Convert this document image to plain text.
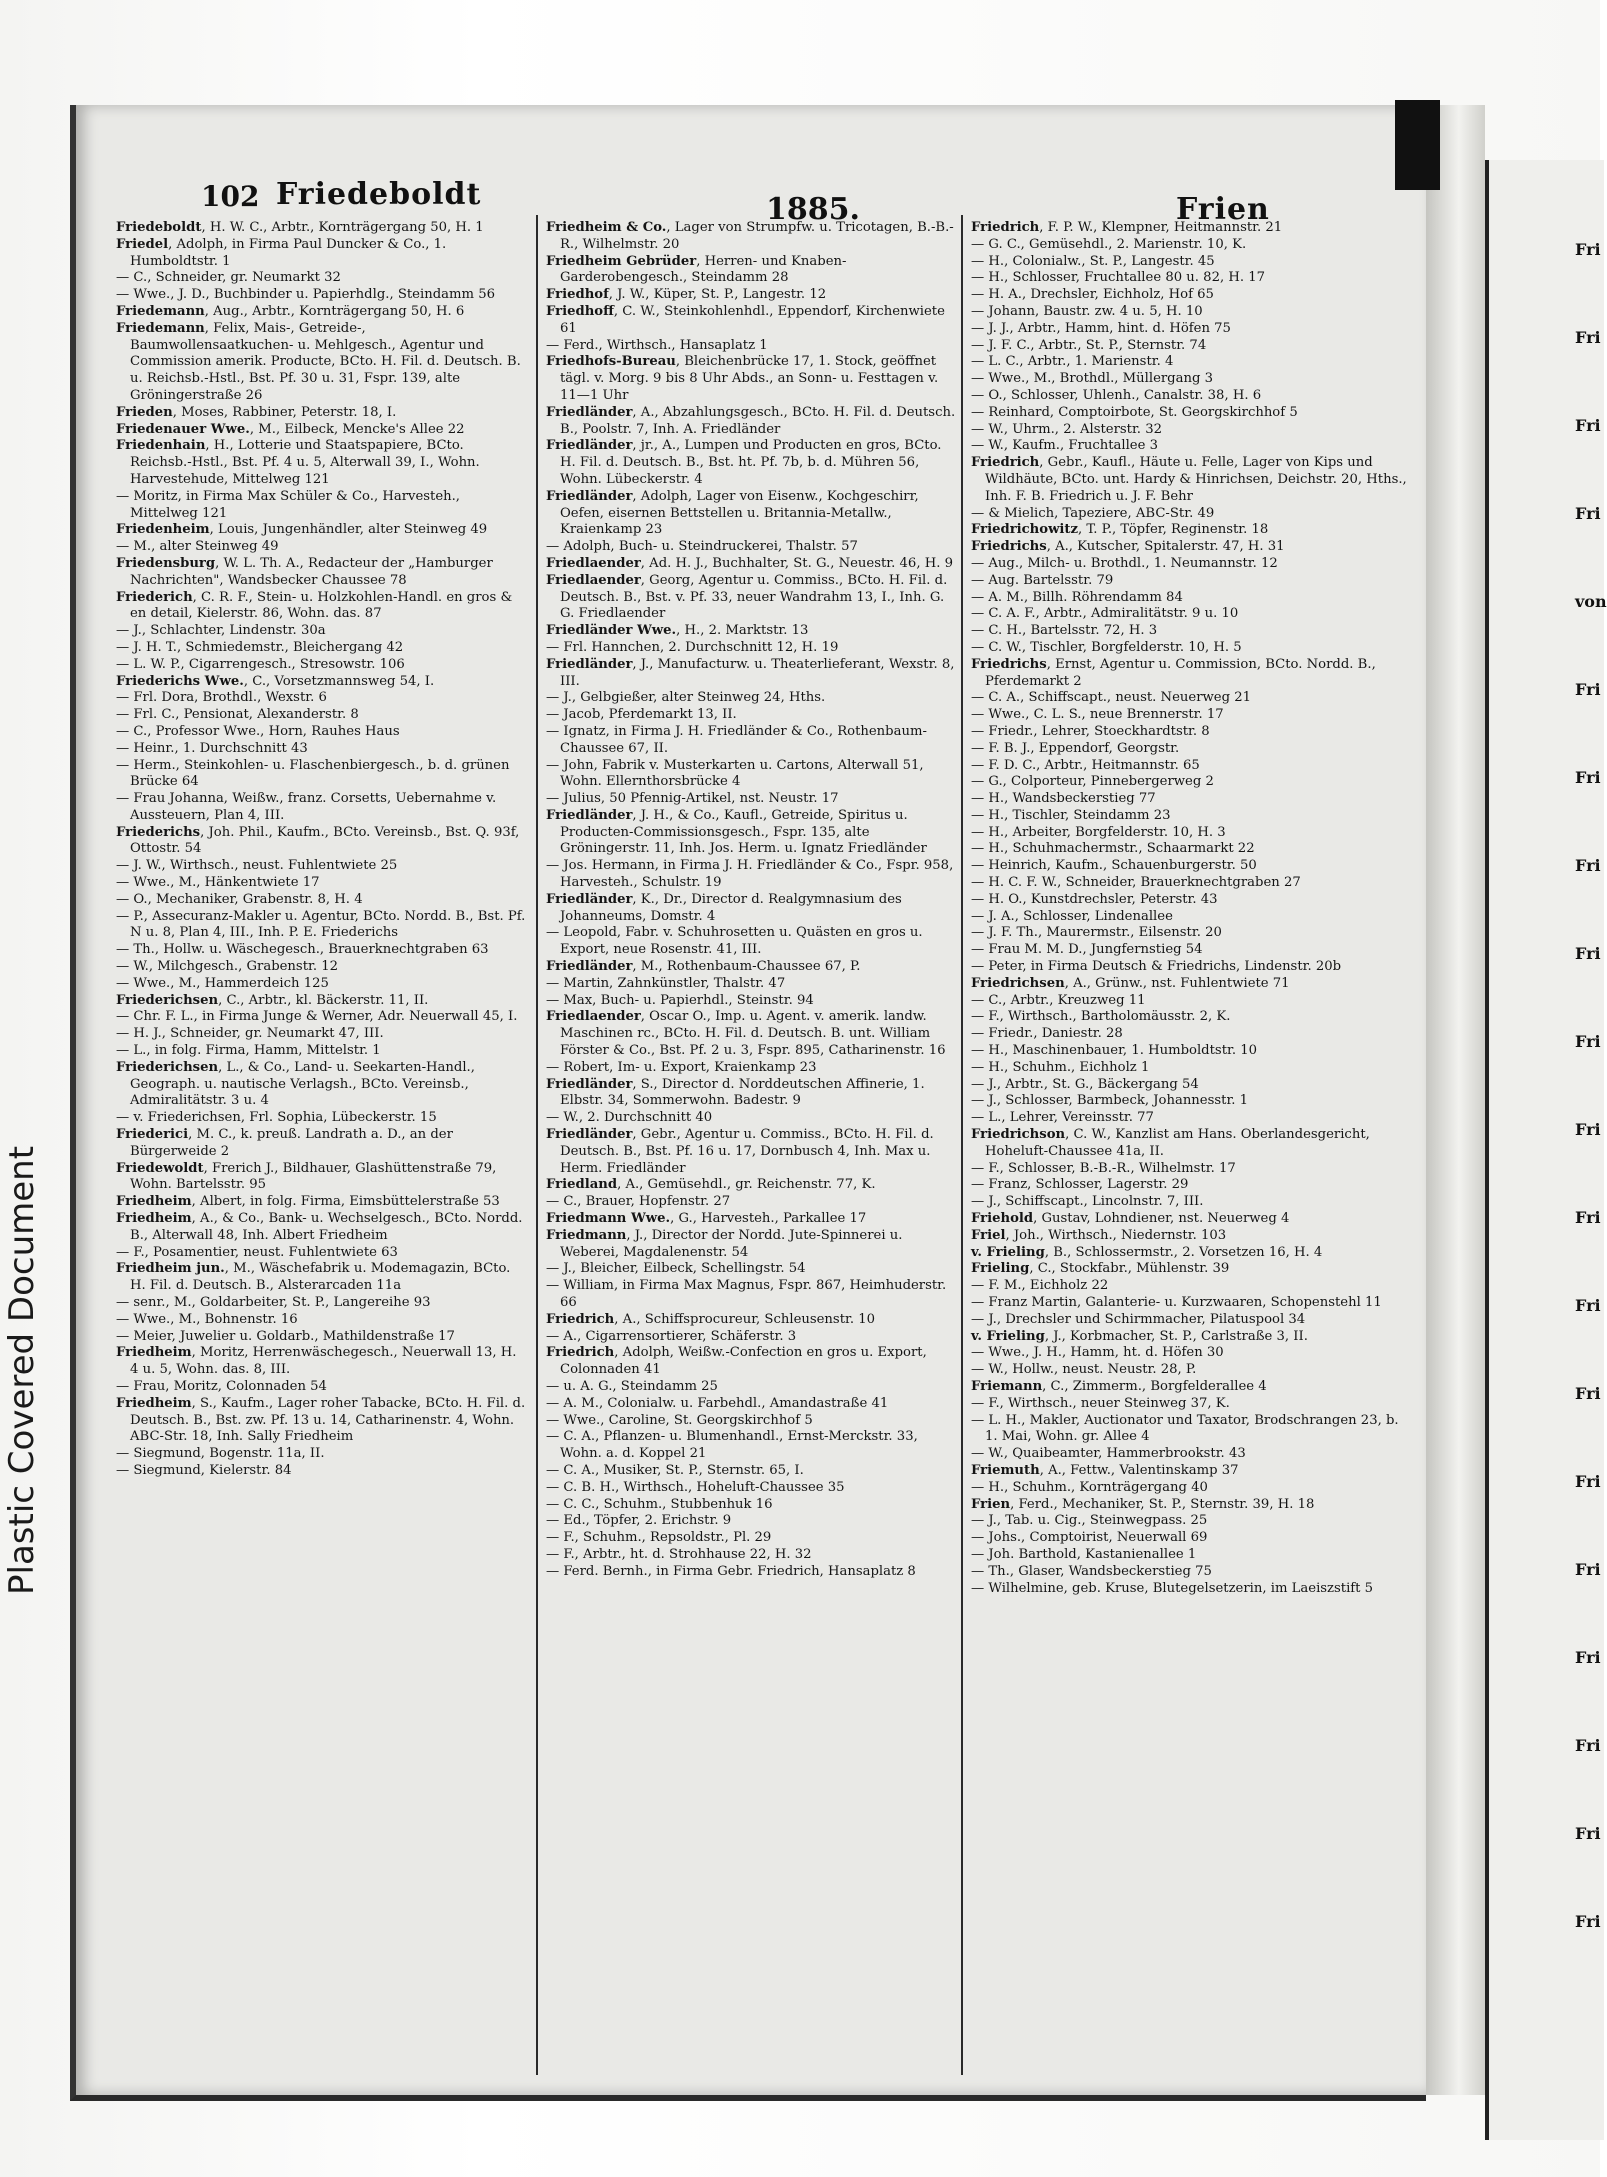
Plastic Covered Document
Fri
Fri
Fri
Fri
von
Fri
Fri
Fri
Fri
Fri
Fri
Fri
Fri
Fri
Fri
Fri
Fri
Fri
Fri
Fri
102 Friedeboldt	1885.	Frien

Friedeboldt, H. W. C., Arbtr., Kornträgergang 50, H. 1

Friedel, Adolph, in Firma Paul Duncker & Co., 1. Humboldtstr. 1

— C., Schneider, gr. Neumarkt 32

— Wwe., J. D., Buchbinder u. Papierhdlg., Steindamm 56

Friedemann, Aug., Arbtr., Kornträgergang 50, H. 6

Friedemann, Felix, Mais-, Getreide-, Baumwollensaatkuchen- u. Mehlgesch., Agentur und Commission amerik. Producte, BCto. H. Fil. d. Deutsch. B. u. Reichsb.-Hstl., Bst. Pf. 30 u. 31, Fspr. 139, alte Gröningerstraße 26

Frieden, Moses, Rabbiner, Peterstr. 18, I.

Friedenauer Wwe., M., Eilbeck, Mencke's Allee 22

Friedenhain, H., Lotterie und Staatspapiere, BCto. Reichsb.-Hstl., Bst. Pf. 4 u. 5, Alterwall 39, I., Wohn. Harvestehude, Mittelweg 121

— Moritz, in Firma Max Schüler & Co., Harvesteh., Mittelweg 121

Friedenheim, Louis, Jungenhändler, alter Steinweg 49

— M., alter Steinweg 49

Friedensburg, W. L. Th. A., Redacteur der „Hamburger Nachrichten", Wandsbecker Chaussee 78

Friederich, C. R. F., Stein- u. Holzkohlen-Handl. en gros & en detail, Kielerstr. 86, Wohn. das. 87

— J., Schlachter, Lindenstr. 30a

— J. H. T., Schmiedemstr., Bleichergang 42

— L. W. P., Cigarrengesch., Stresowstr. 106

Friederichs Wwe., C., Vorsetzmannsweg 54, I.

— Frl. Dora, Brothdl., Wexstr. 6

— Frl. C., Pensionat, Alexanderstr. 8

— C., Professor Wwe., Horn, Rauhes Haus

— Heinr., 1. Durchschnitt 43

— Herm., Steinkohlen- u. Flaschenbiergesch., b. d. grünen Brücke 64

— Frau Johanna, Weißw., franz. Corsetts, Uebernahme v. Aussteuern, Plan 4, III.

Friederichs, Joh. Phil., Kaufm., BCto. Vereinsb., Bst. Q. 93f, Ottostr. 54

— J. W., Wirthsch., neust. Fuhlentwiete 25

— Wwe., M., Hänkentwiete 17

— O., Mechaniker, Grabenstr. 8, H. 4

— P., Assecuranz-Makler u. Agentur, BCto. Nordd. B., Bst. Pf. N u. 8, Plan 4, III., Inh. P. E. Friederichs

— Th., Hollw. u. Wäschegesch., Brauerknechtgraben 63

— W., Milchgesch., Grabenstr. 12

— Wwe., M., Hammerdeich 125

Friederichsen, C., Arbtr., kl. Bäckerstr. 11, II.

— Chr. F. L., in Firma Junge & Werner, Adr. Neuerwall 45, I.

— H. J., Schneider, gr. Neumarkt 47, III.

— L., in folg. Firma, Hamm, Mittelstr. 1

Friederichsen, L., & Co., Land- u. Seekarten-Handl., Geograph. u. nautische Verlagsh., BCto. Vereinsb., Admiralitätstr. 3 u. 4

— v. Friederichsen, Frl. Sophia, Lübeckerstr. 15

Friederici, M. C., k. preuß. Landrath a. D., an der Bürgerweide 2

Friedewoldt, Frerich J., Bildhauer, Glashüttenstraße 79, Wohn. Bartelsstr. 95

Friedheim, Albert, in folg. Firma, Eimsbüttelerstraße 53

Friedheim, A., & Co., Bank- u. Wechselgesch., BCto. Nordd. B., Alterwall 48, Inh. Albert Friedheim

— F., Posamentier, neust. Fuhlentwiete 63

Friedheim jun., M., Wäschefabrik u. Modemagazin, BCto. H. Fil. d. Deutsch. B., Alsterarcaden 11a

— senr., M., Goldarbeiter, St. P., Langereihe 93

— Wwe., M., Bohnenstr. 16

— Meier, Juwelier u. Goldarb., Mathildenstraße 17

Friedheim, Moritz, Herrenwäschegesch., Neuerwall 13, H. 4 u. 5, Wohn. das. 8, III.

— Frau, Moritz, Colonnaden 54

Friedheim, S., Kaufm., Lager roher Tabacke, BCto. H. Fil. d. Deutsch. B., Bst. zw. Pf. 13 u. 14, Catharinenstr. 4, Wohn. ABC-Str. 18, Inh. Sally Friedheim

— Siegmund, Bogenstr. 11a, II.

— Siegmund, Kielerstr. 84

Friedheim & Co., Lager von Strumpfw. u. Tricotagen, B.-B.-R., Wilhelmstr. 20

Friedheim Gebrüder, Herren- und Knaben-Garderobengesch., Steindamm 28

Friedhof, J. W., Küper, St. P., Langestr. 12

Friedhoff, C. W., Steinkohlenhdl., Eppendorf, Kirchenwiete 61

— Ferd., Wirthsch., Hansaplatz 1

Friedhofs-Bureau, Bleichenbrücke 17, 1. Stock, geöffnet tägl. v. Morg. 9 bis 8 Uhr Abds., an Sonn- u. Festtagen v. 11—1 Uhr

Friedländer, A., Abzahlungsgesch., BCto. H. Fil. d. Deutsch. B., Poolstr. 7, Inh. A. Friedländer

Friedländer, jr., A., Lumpen und Producten en gros, BCto. H. Fil. d. Deutsch. B., Bst. ht. Pf. 7b, b. d. Mühren 56, Wohn. Lübeckerstr. 4

Friedländer, Adolph, Lager von Eisenw., Kochgeschirr, Oefen, eisernen Bettstellen u. Britannia-Metallw., Kraienkamp 23

— Adolph, Buch- u. Steindruckerei, Thalstr. 57

Friedlaender, Ad. H. J., Buchhalter, St. G., Neuestr. 46, H. 9

Friedlaender, Georg, Agentur u. Commiss., BCto. H. Fil. d. Deutsch. B., Bst. v. Pf. 33, neuer Wandrahm 13, I., Inh. G. G. Friedlaender

Friedländer Wwe., H., 2. Marktstr. 13

— Frl. Hannchen, 2. Durchschnitt 12, H. 19

Friedländer, J., Manufacturw. u. Theaterlieferant, Wexstr. 8, III.

— J., Gelbgießer, alter Steinweg 24, Hths.

— Jacob, Pferdemarkt 13, II.

— Ignatz, in Firma J. H. Friedländer & Co., Rothenbaum-Chaussee 67, II.

— John, Fabrik v. Musterkarten u. Cartons, Alterwall 51, Wohn. Ellernthorsbrücke 4

— Julius, 50 Pfennig-Artikel, nst. Neustr. 17

Friedländer, J. H., & Co., Kaufl., Getreide, Spiritus u. Producten-Commissionsgesch., Fspr. 135, alte Gröningerstr. 11, Inh. Jos. Herm. u. Ignatz Friedländer

— Jos. Hermann, in Firma J. H. Friedländer & Co., Fspr. 958, Harvesteh., Schulstr. 19

Friedländer, K., Dr., Director d. Realgymnasium des Johanneums, Domstr. 4

— Leopold, Fabr. v. Schuhrosetten u. Quästen en gros u. Export, neue Rosenstr. 41, III.

Friedländer, M., Rothenbaum-Chaussee 67, P.

— Martin, Zahnkünstler, Thalstr. 47

— Max, Buch- u. Papierhdl., Steinstr. 94

Friedlaender, Oscar O., Imp. u. Agent. v. amerik. landw. Maschinen rc., BCto. H. Fil. d. Deutsch. B. unt. William Förster & Co., Bst. Pf. 2 u. 3, Fspr. 895, Catharinenstr. 16

— Robert, Im- u. Export, Kraienkamp 23

Friedländer, S., Director d. Norddeutschen Affinerie, 1. Elbstr. 34, Sommerwohn. Badestr. 9

— W., 2. Durchschnitt 40

Friedländer, Gebr., Agentur u. Commiss., BCto. H. Fil. d. Deutsch. B., Bst. Pf. 16 u. 17, Dornbusch 4, Inh. Max u. Herm. Friedländer

Friedland, A., Gemüsehdl., gr. Reichenstr. 77, K.

— C., Brauer, Hopfenstr. 27

Friedmann Wwe., G., Harvesteh., Parkallee 17

Friedmann, J., Director der Nordd. Jute-Spinnerei u. Weberei, Magdalenenstr. 54

— J., Bleicher, Eilbeck, Schellingstr. 54

— William, in Firma Max Magnus, Fspr. 867, Heimhuderstr. 66

Friedrich, A., Schiffsprocureur, Schleusenstr. 10

— A., Cigarrensortierer, Schäferstr. 3

Friedrich, Adolph, Weißw.-Confection en gros u. Export, Colonnaden 41

— u. A. G., Steindamm 25

— A. M., Colonialw. u. Farbehdl., Amandastraße 41

— Wwe., Caroline, St. Georgskirchhof 5

— C. A., Pflanzen- u. Blumenhandl., Ernst-Merckstr. 33, Wohn. a. d. Koppel 21

— C. A., Musiker, St. P., Sternstr. 65, I.

— C. B. H., Wirthsch., Hoheluft-Chaussee 35

— C. C., Schuhm., Stubbenhuk 16

— Ed., Töpfer, 2. Erichstr. 9

— F., Schuhm., Repsoldstr., Pl. 29

— F., Arbtr., ht. d. Strohhause 22, H. 32

— Ferd. Bernh., in Firma Gebr. Friedrich, Hansaplatz 8

Friedrich, F. P. W., Klempner, Heitmannstr. 21

— G. C., Gemüsehdl., 2. Marienstr. 10, K.

— H., Colonialw., St. P., Langestr. 45

— H., Schlosser, Fruchtallee 80 u. 82, H. 17

— H. A., Drechsler, Eichholz, Hof 65

— Johann, Baustr. zw. 4 u. 5, H. 10

— J. J., Arbtr., Hamm, hint. d. Höfen 75

— J. F. C., Arbtr., St. P., Sternstr. 74

— L. C., Arbtr., 1. Marienstr. 4

— Wwe., M., Brothdl., Müllergang 3

— O., Schlosser, Uhlenh., Canalstr. 38, H. 6

— Reinhard, Comptoirbote, St. Georgskirchhof 5

— W., Uhrm., 2. Alsterstr. 32

— W., Kaufm., Fruchtallee 3

Friedrich, Gebr., Kaufl., Häute u. Felle, Lager von Kips und Wildhäute, BCto. unt. Hardy & Hinrichsen, Deichstr. 20, Hths., Inh. F. B. Friedrich u. J. F. Behr

— & Mielich, Tapeziere, ABC-Str. 49

Friedrichowitz, T. P., Töpfer, Reginenstr. 18

Friedrichs, A., Kutscher, Spitalerstr. 47, H. 31

— Aug., Milch- u. Brothdl., 1. Neumannstr. 12

— Aug. Bartelsstr. 79

— A. M., Billh. Röhrendamm 84

— C. A. F., Arbtr., Admiralitätstr. 9 u. 10

— C. H., Bartelsstr. 72, H. 3

— C. W., Tischler, Borgfelderstr. 10, H. 5

Friedrichs, Ernst, Agentur u. Commission, BCto. Nordd. B., Pferdemarkt 2

— C. A., Schiffscapt., neust. Neuerweg 21

— Wwe., C. L. S., neue Brennerstr. 17

— Friedr., Lehrer, Stoeckhardtstr. 8

— F. B. J., Eppendorf, Georgstr.

— F. D. C., Arbtr., Heitmannstr. 65

— G., Colporteur, Pinnebergerweg 2

— H., Wandsbeckerstieg 77

— H., Tischler, Steindamm 23

— H., Arbeiter, Borgfelderstr. 10, H. 3

— H., Schuhmachermstr., Schaarmarkt 22

— Heinrich, Kaufm., Schauenburgerstr. 50

— H. C. F. W., Schneider, Brauerknechtgraben 27

— H. O., Kunstdrechsler, Peterstr. 43

— J. A., Schlosser, Lindenallee

— J. F. Th., Maurermstr., Eilsenstr. 20

— Frau M. M. D., Jungfernstieg 54

— Peter, in Firma Deutsch & Friedrichs, Lindenstr. 20b

Friedrichsen, A., Grünw., nst. Fuhlentwiete 71

— C., Arbtr., Kreuzweg 11

— F., Wirthsch., Bartholomäusstr. 2, K.

— Friedr., Daniestr. 28

— H., Maschinenbauer, 1. Humboldtstr. 10

— H., Schuhm., Eichholz 1

— J., Arbtr., St. G., Bäckergang 54

— J., Schlosser, Barmbeck, Johannesstr. 1

— L., Lehrer, Vereinsstr. 77

Friedrichson, C. W., Kanzlist am Hans. Oberlandesgericht, Hoheluft-Chaussee 41a, II.

— F., Schlosser, B.-B.-R., Wilhelmstr. 17

— Franz, Schlosser, Lagerstr. 29

— J., Schiffscapt., Lincolnstr. 7, III.

Friehold, Gustav, Lohndiener, nst. Neuerweg 4

Friel, Joh., Wirthsch., Niedernstr. 103

v. Frieling, B., Schlossermstr., 2. Vorsetzen 16, H. 4

Frieling, C., Stockfabr., Mühlenstr. 39

— F. M., Eichholz 22

— Franz Martin, Galanterie- u. Kurzwaaren, Schopenstehl 11

— J., Drechsler und Schirmmacher, Pilatuspool 34

v. Frieling, J., Korbmacher, St. P., Carlstraße 3, II.

— Wwe., J. H., Hamm, ht. d. Höfen 30

— W., Hollw., neust. Neustr. 28, P.

Friemann, C., Zimmerm., Borgfelderallee 4

— F., Wirthsch., neuer Steinweg 37, K.

— L. H., Makler, Auctionator und Taxator, Brodschrangen 23, b. 1. Mai, Wohn. gr. Allee 4

— W., Quaibeamter, Hammerbrookstr. 43

Friemuth, A., Fettw., Valentinskamp 37

— H., Schuhm., Kornträgergang 40

Frien, Ferd., Mechaniker, St. P., Sternstr. 39, H. 18

— J., Tab. u. Cig., Steinwegpass. 25

— Johs., Comptoirist, Neuerwall 69

— Joh. Barthold, Kastanienallee 1

— Th., Glaser, Wandsbeckerstieg 75

— Wilhelmine, geb. Kruse, Blutegelsetzerin, im Laeiszstift 5
